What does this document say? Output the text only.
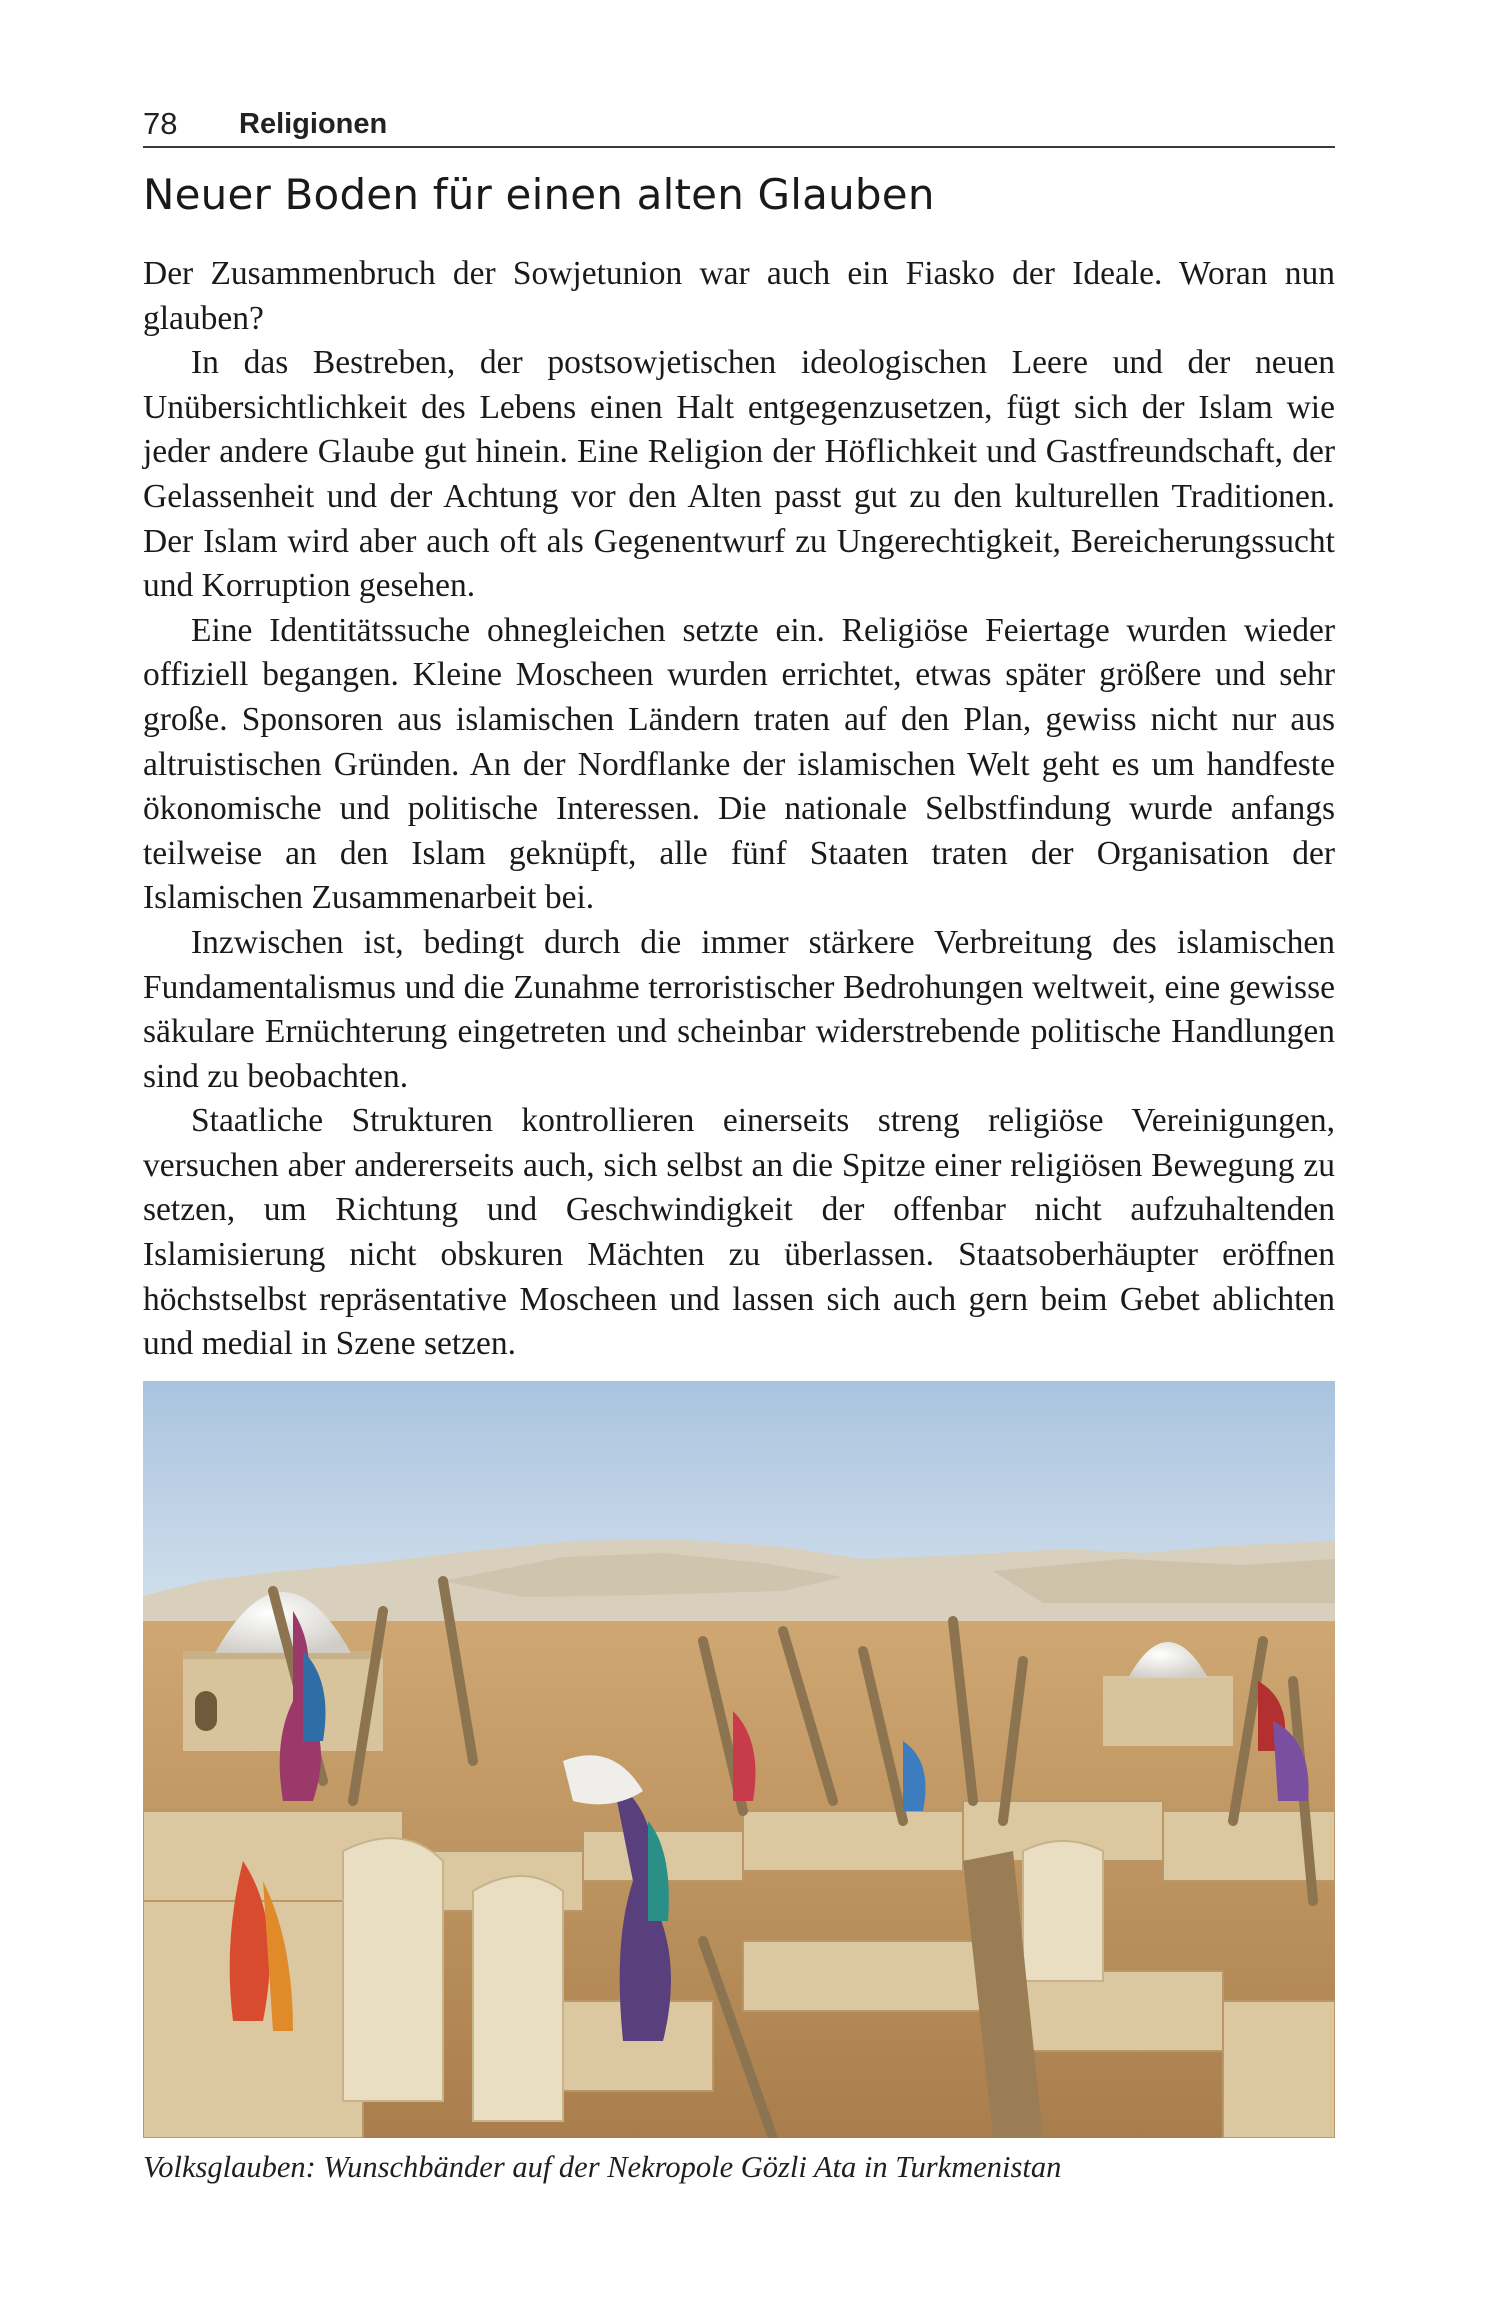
78 Religionen
Neuer Boden für einen alten Glauben

Der Zusammenbruch der Sowjetunion war auch ein Fiasko der Ideale. Woran nun glauben?

In das Bestreben, der postsowjetischen ideologischen Leere und der neuen Unübersichtlichkeit des Lebens einen Halt entgegenzusetzen, fügt sich der Islam wie jeder andere Glaube gut hinein. Eine Religion der Höflichkeit und Gastfreundschaft, der Gelassenheit und der Achtung vor den Alten passt gut zu den kulturellen Traditionen. Der Islam wird aber auch oft als Gegenentwurf zu Ungerechtigkeit, Bereicherungssucht und Korruption gesehen.

Eine Identitätssuche ohnegleichen setzte ein. Religiöse Feiertage wurden wieder offiziell begangen. Kleine Moscheen wurden errichtet, etwas später größere und sehr große. Sponsoren aus islamischen Ländern traten auf den Plan, gewiss nicht nur aus altruistischen Gründen. An der Nordflanke der islamischen Welt geht es um handfeste ökonomische und politische Interessen. Die nationale Selbstfindung wurde anfangs teilweise an den Islam geknüpft, alle fünf Staaten traten der Organisation der Islamischen Zusammenarbeit bei.

Inzwischen ist, bedingt durch die immer stärkere Verbreitung des islamischen Fundamentalismus und die Zunahme terroristischer Bedrohungen weltweit, eine gewisse säkulare Ernüchterung eingetreten und scheinbar widerstrebende politische Handlungen sind zu beobachten.

Staatliche Strukturen kontrollieren einerseits streng religiöse Vereinigungen, versuchen aber andererseits auch, sich selbst an die Spitze einer religiösen Bewegung zu setzen, um Richtung und Geschwindigkeit der offenbar nicht aufzuhaltenden Islamisierung nicht obskuren Mächten zu überlassen. Staatsoberhäupter eröffnen höchstselbst repräsentative Moscheen und lassen sich auch gern beim Gebet ablichten und medial in Szene setzen.

Volksglauben: Wunschbänder auf der Nekropole Gözli Ata in Turkmenistan
